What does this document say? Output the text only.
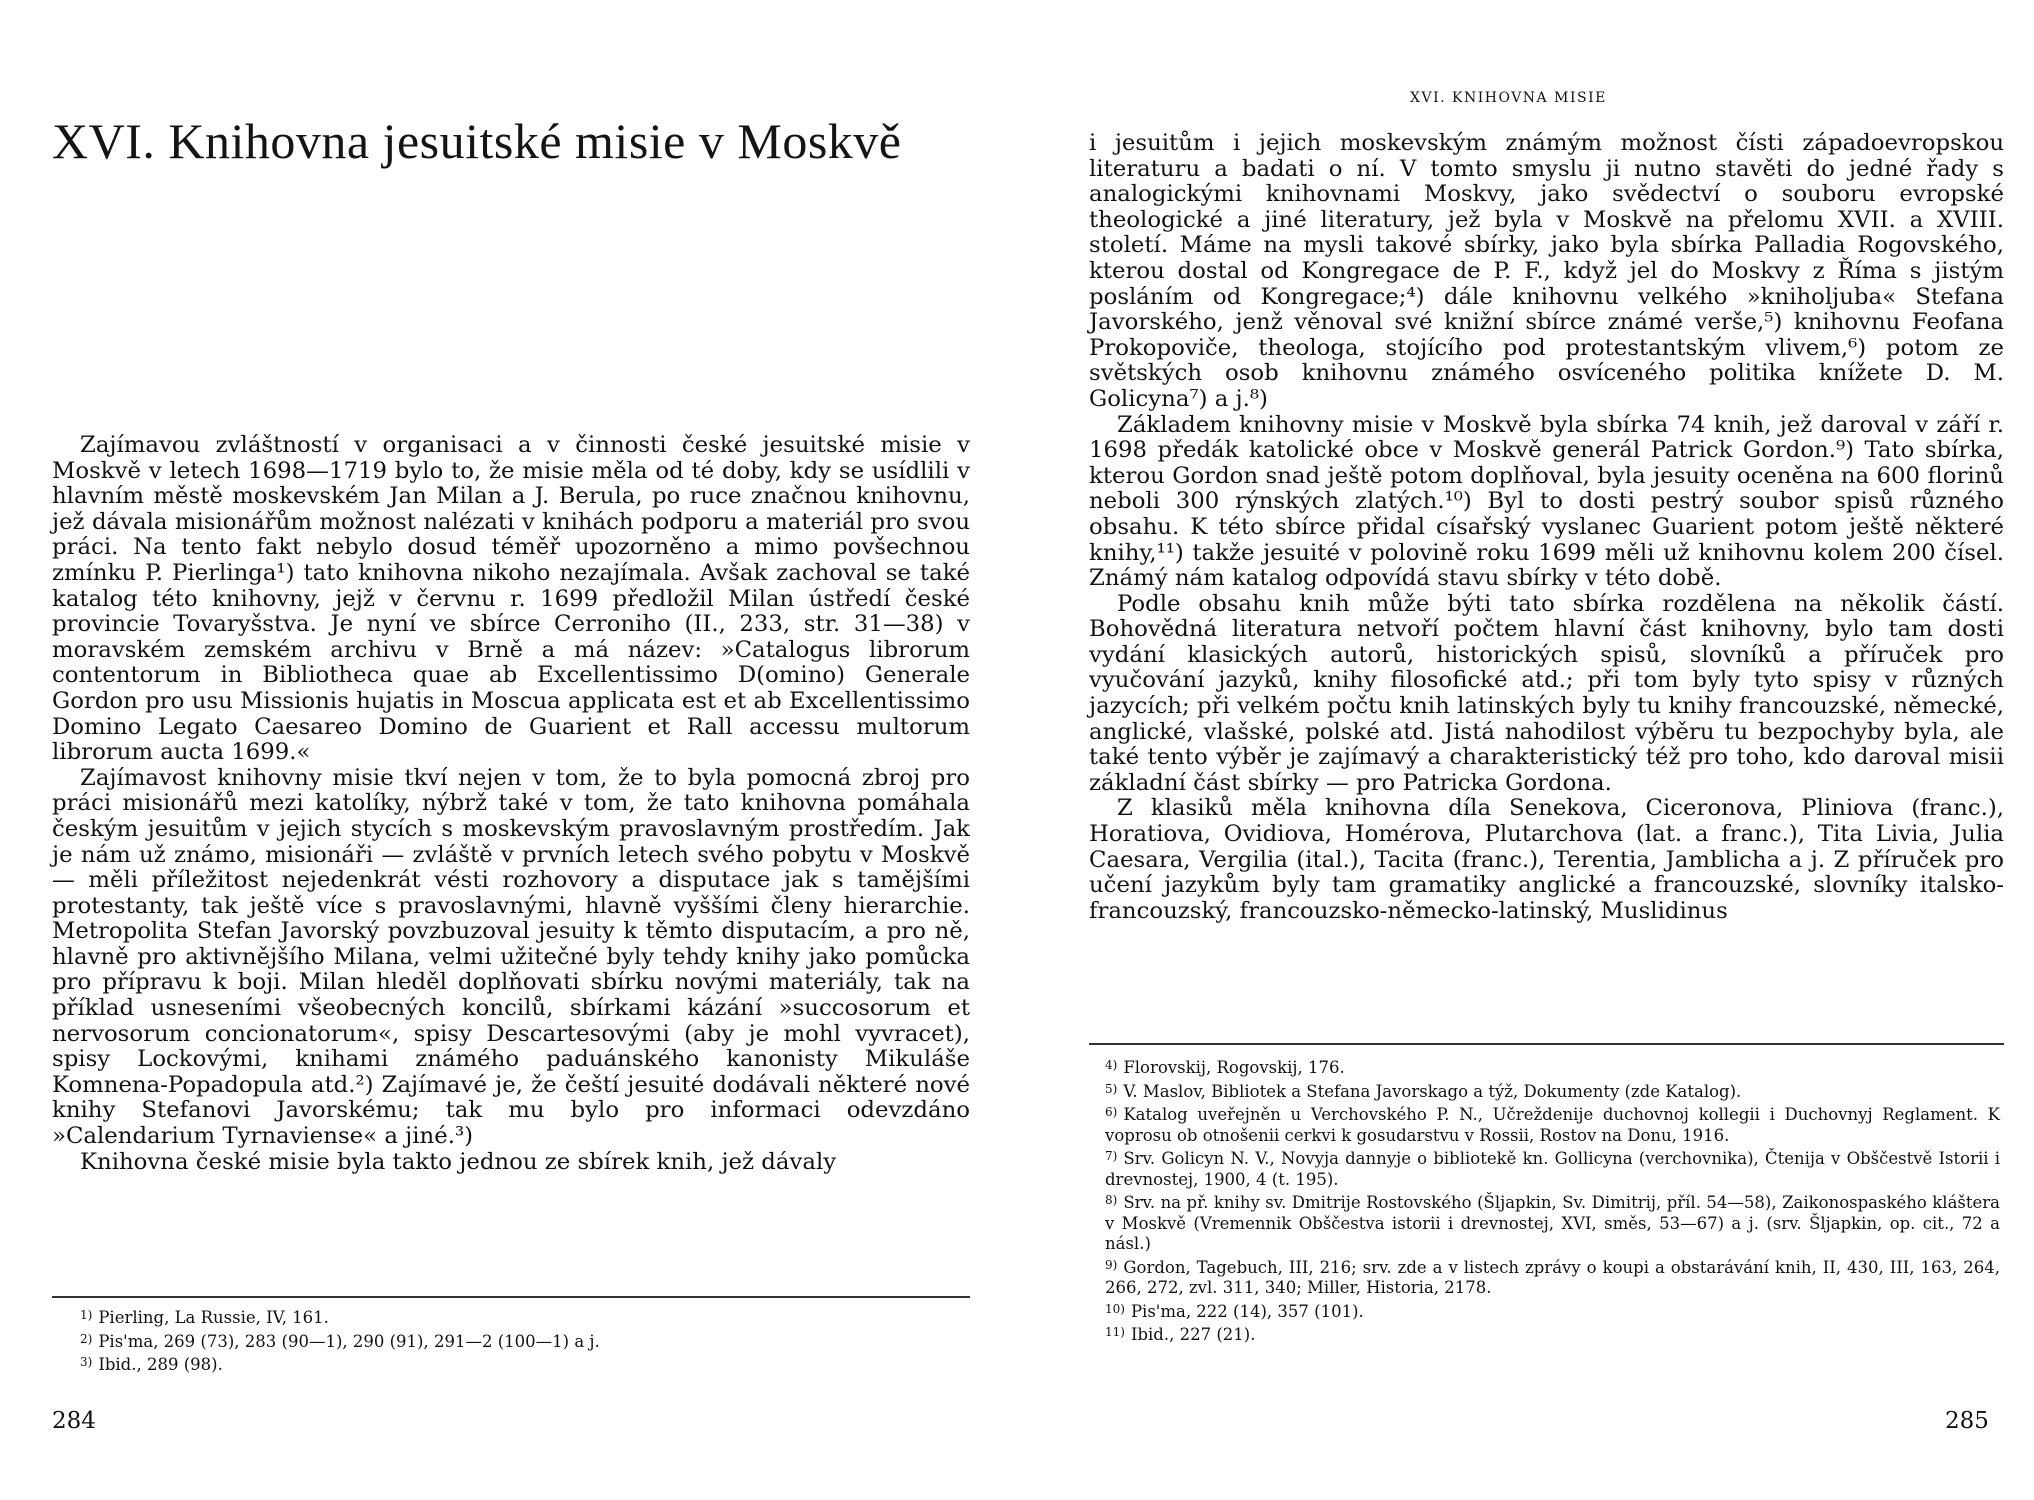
XVI. Knihovna jesuitské misie v Moskvě

Zajímavou zvláštností v organisaci a v činnosti české jesuitské misie v Moskvě v letech 1698—1719 bylo to, že misie měla od té doby, kdy se usídlili v hlavním městě moskevském Jan Milan a J. Berula, po ruce značnou knihovnu, jež dávala misionářům možnost nalézati v knihách podporu a materiál pro svou práci. Na tento fakt nebylo dosud téměř upozorněno a mimo povšechnou zmínku P. Pierlinga¹) tato knihovna nikoho nezajímala. Avšak zachoval se také katalog této knihovny, jejž v červnu r. 1699 předložil Milan ústředí české provincie Tovaryšstva. Je nyní ve sbírce Cerroniho (II., 233, str. 31—38) v moravském zemském archivu v Brně a má název: »Catalogus librorum contentorum in Bibliotheca quae ab Excellentissimo D(omino) Generale Gordon pro usu Missionis hujatis in Moscua applicata est et ab Excellentissimo Domino Legato Caesareo Domino de Guarient et Rall accessu multorum librorum aucta 1699.«

Zajímavost knihovny misie tkví nejen v tom, že to byla pomocná zbroj pro práci misionářů mezi katolíky, nýbrž také v tom, že tato knihovna pomáhala českým jesuitům v jejich stycích s moskevským pravoslavným prostředím. Jak je nám už známo, misionáři — zvláště v prvních letech svého pobytu v Moskvě — měli příležitost nejedenkrát vésti rozhovory a disputace jak s tamějšími protestanty, tak ještě více s pravoslavnými, hlavně vyššími členy hierarchie. Metropolita Stefan Javorský povzbuzoval jesuity k těmto disputacím, a pro ně, hlavně pro aktivnějšího Milana, velmi užitečné byly tehdy knihy jako pomůcka pro přípravu k boji. Milan hleděl doplňovati sbírku novými materiály, tak na příklad usneseními všeobecných koncilů, sbírkami kázání »succosorum et nervosorum concionatorum«, spisy Descartesovými (aby je mohl vyvracet), spisy Lockovými, knihami známého paduánského kanonisty Mikuláše Komnena-Popadopula atd.²) Zajímavé je, že čeští jesuité dodávali některé nové knihy Stefanovi Javorskému; tak mu bylo pro informaci odevzdáno »Calendarium Tyrnaviense« a jiné.³)

Knihovna české misie byla takto jednou ze sbírek knih, jež dávaly

$^{1)}$ Pierling, La Russie, IV, 161.
$^{2)}$ Pis'ma, 269 (73), 283 (90—1), 290 (91), 291—2 (100—1) a j.
$^{3)}$ Ibid., 289 (98).
284
XVI. KNIHOVNA MISIE

i jesuitům i jejich moskevským známým možnost čísti západoevropskou literaturu a badati o ní. V tomto smyslu ji nutno stavěti do jedné řady s analogickými knihovnami Moskvy, jako svědectví o souboru evropské theologické a jiné literatury, jež byla v Moskvě na přelomu XVII. a XVIII. století. Máme na mysli takové sbírky, jako byla sbírka Palladia Rogovského, kterou dostal od Kongregace de P. F., když jel do Moskvy z Říma s jistým posláním od Kongregace;⁴) dále knihovnu velkého »kniholjuba« Stefana Javorského, jenž věnoval své knižní sbírce známé verše,⁵) knihovnu Feofana Prokopoviče, theologa, stojícího pod protestantským vlivem,⁶) potom ze světských osob knihovnu známého osvíceného politika knížete D. M. Golicyna⁷) a j.⁸)

Základem knihovny misie v Moskvě byla sbírka 74 knih, jež daroval v září r. 1698 předák katolické obce v Moskvě generál Patrick Gordon.⁹) Tato sbírka, kterou Gordon snad ještě potom doplňoval, byla jesuity oceněna na 600 florinů neboli 300 rýnských zlatých.¹⁰) Byl to dosti pestrý soubor spisů různého obsahu. K této sbírce přidal císařský vyslanec Guarient potom ještě některé knihy,¹¹) takže jesuité v polovině roku 1699 měli už knihovnu kolem 200 čísel. Známý nám katalog odpovídá stavu sbírky v této době.

Podle obsahu knih může býti tato sbírka rozdělena na několik částí. Bohovědná literatura netvoří počtem hlavní část knihovny, bylo tam dosti vydání klasických autorů, historických spisů, slovníků a příruček pro vyučování jazyků, knihy filosofické atd.; při tom byly tyto spisy v různých jazycích; při velkém počtu knih latinských byly tu knihy francouzské, německé, anglické, vlašské, polské atd. Jistá nahodilost výběru tu bezpochyby byla, ale také tento výběr je zajímavý a charakteristický též pro toho, kdo daroval misii základní část sbírky — pro Patricka Gordona.

Z klasiků měla knihovna díla Senekova, Ciceronova, Pliniova (franc.), Horatiova, Ovidiova, Homérova, Plutarchova (lat. a franc.), Tita Livia, Julia Caesara, Vergilia (ital.), Tacita (franc.), Terentia, Jamblicha a j. Z příruček pro učení jazykům byly tam gramatiky anglické a francouzské, slovníky italsko-francouzský, francouzsko-německo-latinský, Muslidinus

$^{4)}$ Florovskij, Rogovskij, 176.
$^{5)}$ V. Maslov, Bibliotek a Stefana Javorskago a týž, Dokumenty (zde Katalog).
$^{6)}$ Katalog uveřejněn u Verchovského P. N., Učreždenije duchovnoj kollegii i Duchovnyj Reglament. K voprosu ob otnošenii cerkvi k gosudarstvu v Rossii, Rostov na Donu, 1916.
$^{7)}$ Srv. Golicyn N. V., Novyja dannyje o bibliotekě kn. Gollicyna (verchovnika), Čtenija v Obščestvě Istorii i drevnostej, 1900, 4 (t. 195).
$^{8)}$ Srv. na př. knihy sv. Dmitrije Rostovského (Šljapkin, Sv. Dimitrij, příl. 54—58), Zaikonospaského kláštera v Moskvě (Vremennik Obščestva istorii i drevnostej, XVI, směs, 53—67) a j. (srv. Šljapkin, op. cit., 72 a násl.)
$^{9)}$ Gordon, Tagebuch, III, 216; srv. zde a v listech zprávy o koupi a obstarávání knih, II, 430, III, 163, 264, 266, 272, zvl. 311, 340; Miller, Historia, 2178.
$^{10)}$ Pis'ma, 222 (14), 357 (101).
$^{11)}$ Ibid., 227 (21).
285
